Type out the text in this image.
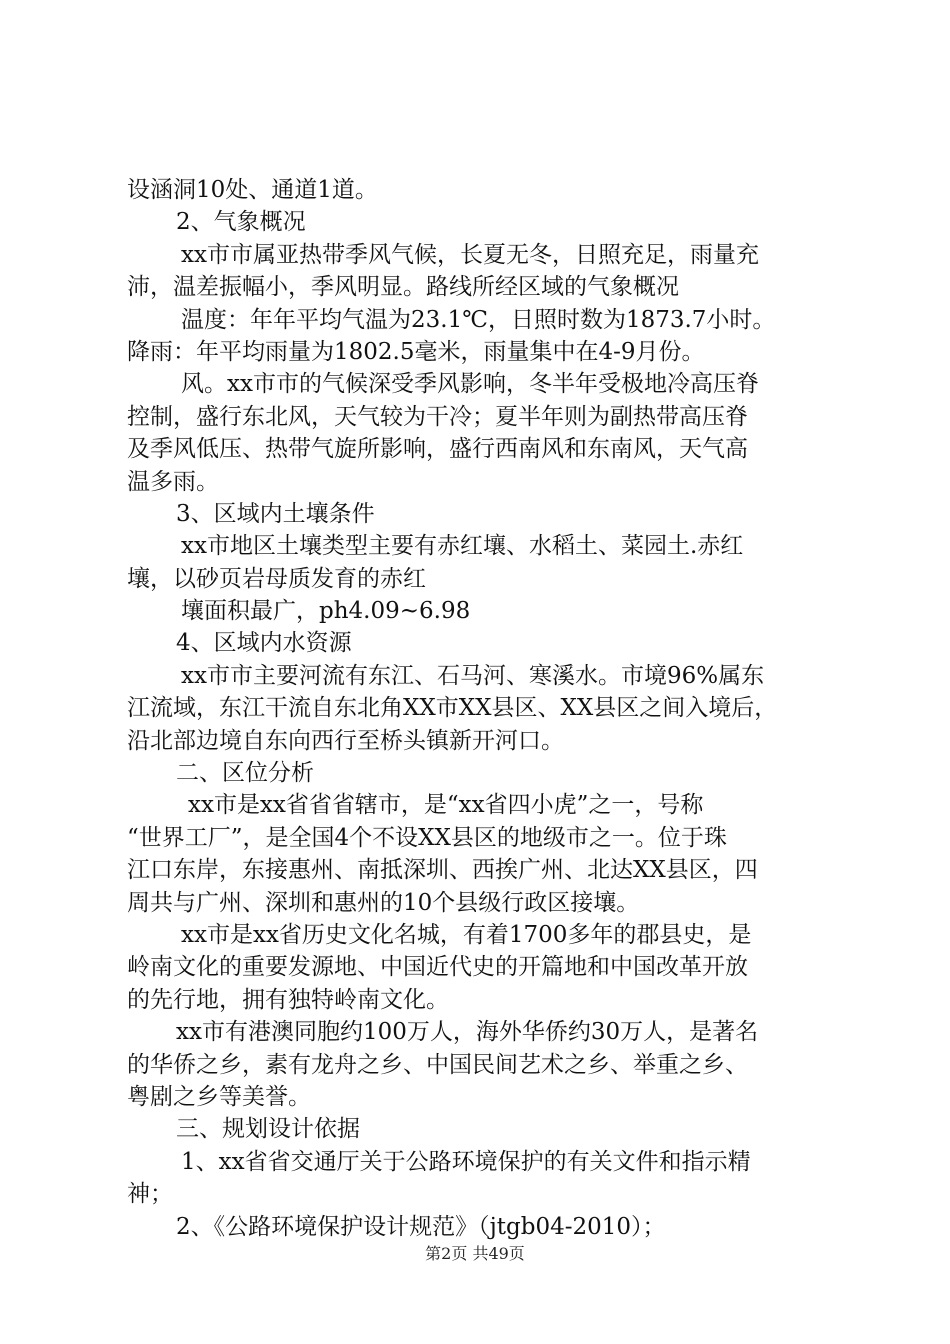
设涵洞10处、通道1道。
2、气象概况
xx市市属亚热带季风气候，长夏无冬，日照充足，雨量充
沛，温差振幅小，季风明显。路线所经区域的气象概况
温度：年年平均气温为23.1℃，日照时数为1873.7小时。
降雨：年平均雨量为1802.5毫米，雨量集中在4-9月份。
风。xx市市的气候深受季风影响，冬半年受极地冷高压脊
控制，盛行东北风，天气较为干冷；夏半年则为副热带高压脊
及季风低压、热带气旋所影响，盛行西南风和东南风，天气高
温多雨。
3、区域内土壤条件
xx市地区土壤类型主要有赤红壤、水稻土、菜园土.赤红
壤，以砂页岩母质发育的赤红
壤面积最广，ph4.09~6.98
4、区域内水资源
xx市市主要河流有东江、石马河、寒溪水。市境96%属东
江流域，东江干流自东北角XX市XX县区、XX县区之间入境后，
沿北部边境自东向西行至桥头镇新开河口。
二、区位分析
xx市是xx省省省辖市，是“xx省四小虎”之一，号称
“世界工厂”，是全国4个不设XX县区的地级市之一。位于珠
江口东岸，东接惠州、南抵深圳、西挨广州、北达XX县区，四
周共与广州、深圳和惠州的10个县级行政区接壤。
xx市是xx省历史文化名城，有着1700多年的郡县史，是
岭南文化的重要发源地、中国近代史的开篇地和中国改革开放
的先行地，拥有独特岭南文化。
xx市有港澳同胞约100万人，海外华侨约30万人，是著名
的华侨之乡，素有龙舟之乡、中国民间艺术之乡、举重之乡、
粤剧之乡等美誉。
三、规划设计依据
1、xx省省交通厅关于公路环境保护的有关文件和指示精
神；
2、《公路环境保护设计规范》（jtgb04-2010）；
第2页 共49页
